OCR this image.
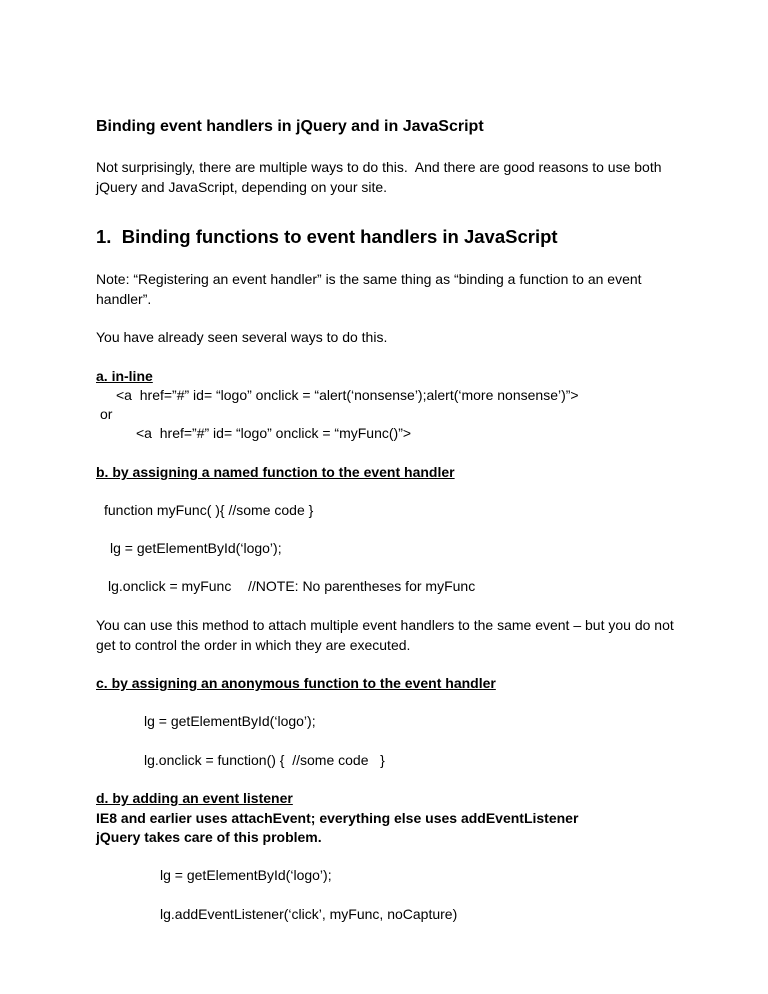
Binding event handlers in jQuery and in JavaScript
Not surprisingly, there are multiple ways to do this.  And there are good reasons to use both
jQuery and JavaScript, depending on your site.
1.  Binding functions to event handlers in JavaScript
Note: “Registering an event handler” is the same thing as “binding a function to an event
handler”.
You have already seen several ways to do this.
a. in-line
<a  href=”#” id= “logo” onclick = “alert(‘nonsense’);alert(‘more nonsense’)”>
or
<a  href=”#” id= “logo” onclick = “myFunc()”>
b. by assigning a named function to the event handler
function myFunc( ){ //some code }
lg = getElementById(‘logo’);
lg.onclick = myFunc //NOTE: No parentheses for myFunc
You can use this method to attach multiple event handlers to the same event – but you do not
get to control the order in which they are executed.
c. by assigning an anonymous function to the event handler
lg = getElementById(‘logo’);
lg.onclick = function() {  //some code   }
d. by adding an event listener
IE8 and earlier uses attachEvent; everything else uses addEventListener
jQuery takes care of this problem.
lg = getElementById(‘logo’);
lg.addEventListener(‘click’, myFunc, noCapture)
